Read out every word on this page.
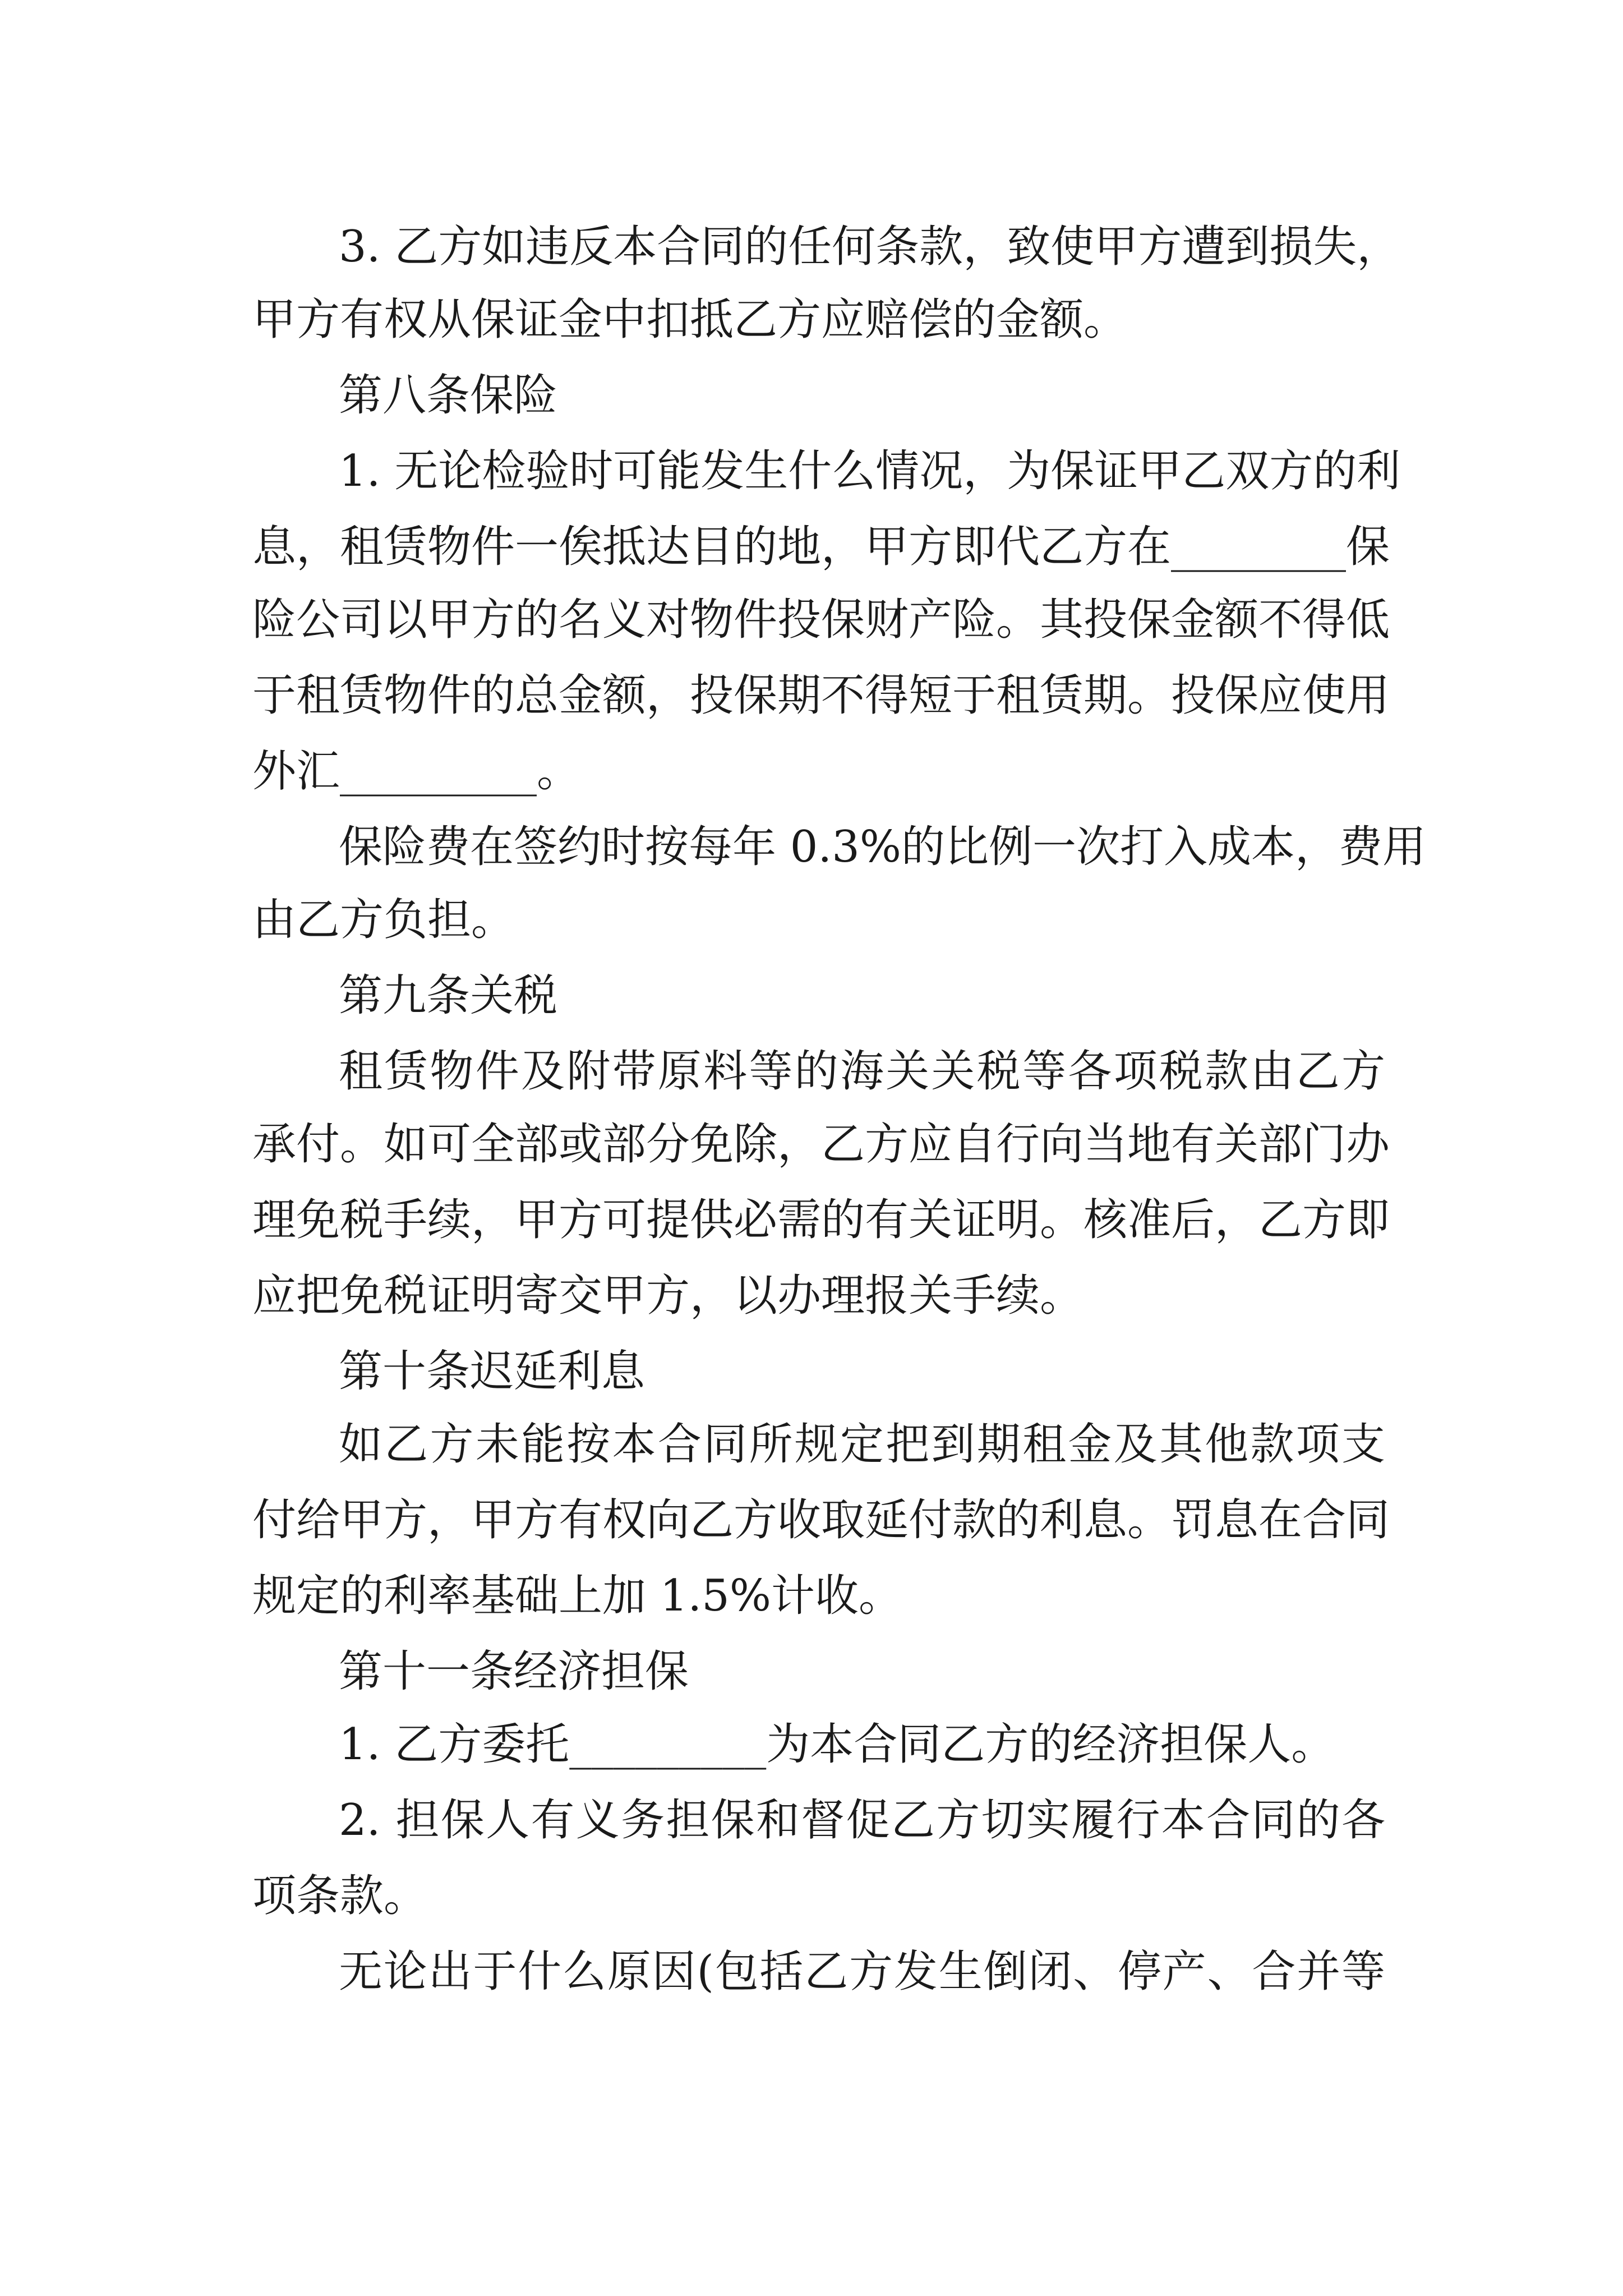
3. 乙方如违反本合同的任何条款，致使甲方遭到损失，
甲方有权从保证金中扣抵乙方应赔偿的金额。
第八条保险
1. 无论检验时可能发生什么情况，为保证甲乙双方的利
息，租赁物件一俟抵达目的地，甲方即代乙方在________保
险公司以甲方的名义对物件投保财产险。其投保金额不得低
于租赁物件的总金额，投保期不得短于租赁期。投保应使用
外汇_________。
保险费在签约时按每年 0.3%的比例一次打入成本，费用
由乙方负担。
第九条关税
租赁物件及附带原料等的海关关税等各项税款由乙方
承付。如可全部或部分免除，乙方应自行向当地有关部门办
理免税手续，甲方可提供必需的有关证明。核准后，乙方即
应把免税证明寄交甲方，以办理报关手续。
第十条迟延利息
如乙方未能按本合同所规定把到期租金及其他款项支
付给甲方，甲方有权向乙方收取延付款的利息。罚息在合同
规定的利率基础上加 1.5%计收。
第十一条经济担保
1. 乙方委托_________为本合同乙方的经济担保人。
2. 担保人有义务担保和督促乙方切实履行本合同的各
项条款。
无论出于什么原因(包括乙方发生倒闭、停产、合并等
